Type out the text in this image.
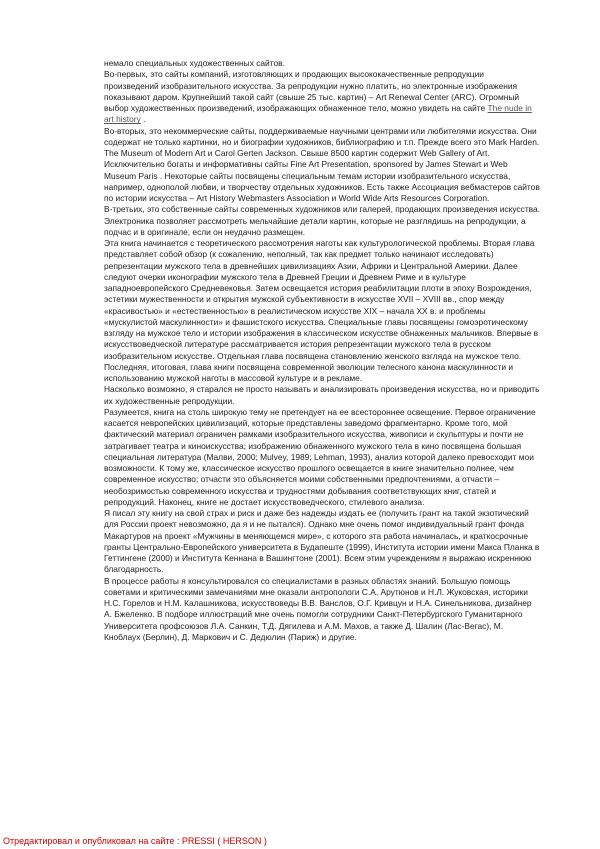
немало специальных художественных сайтов.

Во-первых, это сайты компаний, изготовляющих и продающих высококачественные репродукции произведений изобразительного искусства. За репродукции нужно платить, но электронные изображения показывают даром. Крупнейший такой сайт (свыше 25 тыс. картин) – Art Renewal Center (ARC). Огромный выбор художественных произведений, изображающих обнаженное тело, можно увидеть на сайте The nude in art history .

Во-вторых, это некоммерческие сайты, поддерживаемые научными центрами или любителями искусства. Они содержат не только картинки, но и биографии художников, библиографию и т.п. Прежде всего это Mark Harden. The Museum of Modern Art и Carol Gerten Jackson. Свыше 8500 картин содержит Web Gallery of Art. Исключительно богаты и информативны сайты Fine Art Presentation, sponsored by James Stewart и Web Museum Paris . Некоторые сайты посвящены специальным темам истории изобразительного искусства, например, однополой любви, и творчеству отдельных художников. Есть также Ассоциация вебмастеров сайтов по истории искусства – Art History Webmasters Association и World Wide Arts Resources Corporation.

В-третьих, это собственные сайты современных художников или галерей, продающих произведения искусства.

Электроника позволяет рассмотреть мельчайшие детали картин, которые не разглядишь на репродукции, а подчас и в оригинале, если он неудачно размещен.

Эта книга начинается с теоретического рассмотрения наготы как культурологической проблемы. Вторая глава представляет собой обзор (к сожалению, неполный, так как предмет только начинают исследовать) репрезентации мужского тела в древнейших цивилизациях Азии, Африки и Центральной Америки. Далее следуют очерки иконографии мужского тела в Древней Греции и Древнем Риме и в культуре западноевропейского Средневековья. Затем освещается история реабилитации плоти в эпоху Возрождения, эстетики мужественности и открытия мужской субъективности в искусстве XVII – XVIII вв., спор между «красивостью» и «естественностью» в реалистическом искусстве XIX – начала XX в. и проблемы «мускулистой маскулинности» и фашистского искусства. Специальные главы посвящены гомоэротическому взгляду на мужское тело и истории изображения в классическом искусстве обнаженных мальчиков. Впервые в искусствоведческой литературе рассматривается история репрезентации мужского тела в русском изобразительном искусстве. Отдельная глава посвящена становлению женского взгляда на мужское тело. Последняя, итоговая, глава книги посвящена современной эволюции телесного канона маскулинности и использованию мужской наготы в массовой культуре и в рекламе.

Насколько возможно, я старался не просто называть и анализировать произведения искусства, но и приводить их художественные репродукции.

Разумеется, книга на столь широкую тему не претендует на ее всестороннее освещение. Первое ограничение касается невропейских цивилизаций, которые представлены заведомо фрагментарно. Кроме того, мой фактический материал ограничен рамками изобразительного искусства, живописи и скульптуры и почти не затрагивает театра и киноискусства; изображению обнаженного мужского тела в кино посвящена большая специальная литература (Малви, 2000; Mulvey, 1989; Lehman, 1993), анализ которой далеко превосходит мои возможности. К тому же, классическое искусство прошлого освещается в книге значительно полнее, чем современное искусство; отчасти это объясняется моими собственными предпочтениями, а отчасти – необозримостью современного искусства и трудностями добывания соответствующих книг, статей и репродукций. Наконец, книге не достает искусствоведческого, стилевого анализа.

Я писал эту книгу на свой страх и риск и даже без надежды издать ее (получить грант на такой экзотический для России проект невозможно, да я и не пытался). Однако мне очень помог индивидуальный грант фонда Макартуров на проект «Мужчины в меняющемся мире», с которого эта работа начиналась, и краткосрочные гранты Центрально-Европейского университета в Будапеште (1999), Института истории имени Макса Планка в Геттингене (2000) и Института Кеннана в Вашингтоне (2001). Всем этим учреждениям я выражаю искреннюю благодарность.

В процессе работы я консультировался со специалистами в разных областях знаний. Большую помощь советами и критическими замечаниями мне оказали антропологи С.А. Арутюнов и Н.Л. Жуковская, историки Н.С. Горелов и Н.М. Калашникова, искусствоведы В.В. Ванслов, О.Г. Кривцун и Н.А. Синельникова, дизайнер А. Бжеленко. В подборе иллюстраций мне очень помогли сотрудники Санкт-Петербургского Гуманитарного Университета профсоюзов Л.А. Санкин, Т.Д. Дягилева и А.М. Махов, а также Д. Шалин (Лас-Вегас), М. Кноблаух (Берлин), Д. Маркович и С. Дедюлин (Париж) и другие.

Отредактировал и опубликовал на сайте : PRESSI ( HERSON )
